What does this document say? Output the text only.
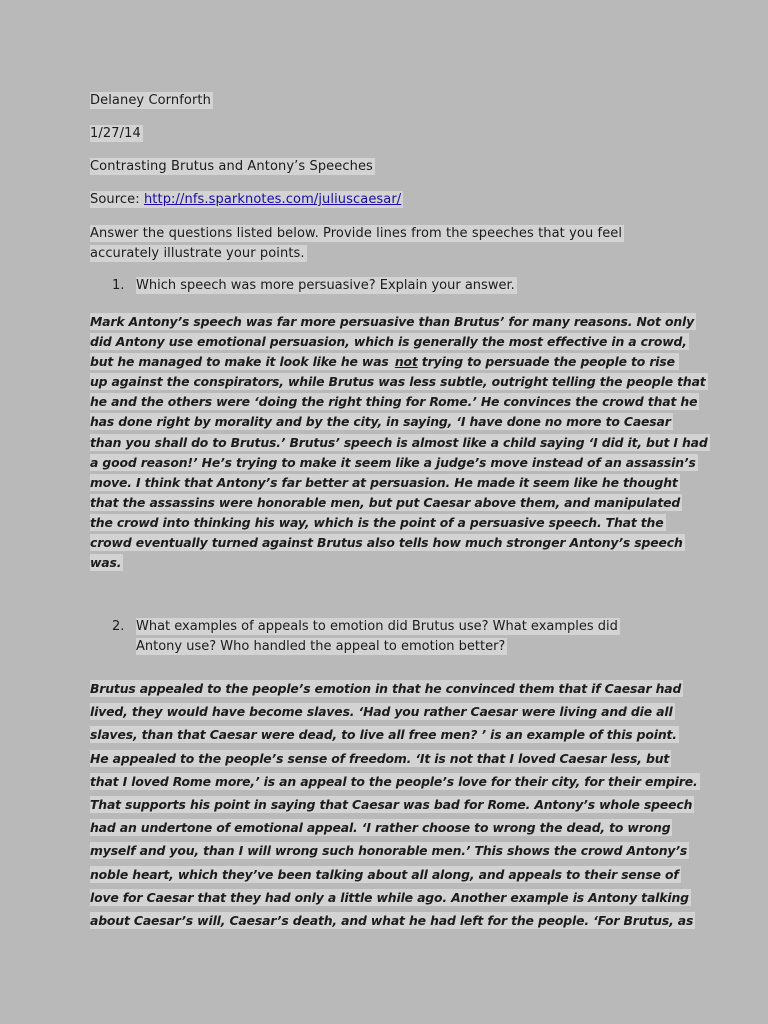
Delaney Cornforth
1/27/14
Contrasting Brutus and Antony’s Speeches
Source: http://nfs.sparknotes.com/juliuscaesar/
Answer the questions listed below. Provide lines from the speeches that you feel
accurately illustrate your points.
1. Which speech was more persuasive? Explain your answer.
Mark Antony’s speech was far more persuasive than Brutus’ for many reasons. Not only
did Antony use emotional persuasion, which is generally the most effective in a crowd,
but he managed to make it look like he was not trying to persuade the people to rise
up against the conspirators, while Brutus was less subtle, outright telling the people that
he and the others were ‘doing the right thing for Rome.’ He convinces the crowd that he
has done right by morality and by the city, in saying, ‘I have done no more to Caesar
than you shall do to Brutus.’ Brutus’ speech is almost like a child saying ‘I did it, but I had
a good reason!’ He’s trying to make it seem like a judge’s move instead of an assassin’s
move. I think that Antony’s far better at persuasion. He made it seem like he thought
that the assassins were honorable men, but put Caesar above them, and manipulated
the crowd into thinking his way, which is the point of a persuasive speech. That the
crowd eventually turned against Brutus also tells how much stronger Antony’s speech
was.
2. What examples of appeals to emotion did Brutus use? What examples did
Antony use? Who handled the appeal to emotion better?
Brutus appealed to the people’s emotion in that he convinced them that if Caesar had
lived, they would have become slaves. ‘Had you rather Caesar were living and die all
slaves, than that Caesar were dead, to live all free men? ’ is an example of this point.
He appealed to the people’s sense of freedom. ‘It is not that I loved Caesar less, but
that I loved Rome more,’ is an appeal to the people’s love for their city, for their empire.
That supports his point in saying that Caesar was bad for Rome. Antony’s whole speech
had an undertone of emotional appeal. ‘I rather choose to wrong the dead, to wrong
myself and you, than I will wrong such honorable men.’ This shows the crowd Antony’s
noble heart, which they’ve been talking about all along, and appeals to their sense of
love for Caesar that they had only a little while ago. Another example is Antony talking
about Caesar’s will, Caesar’s death, and what he had left for the people. ‘For Brutus, as
